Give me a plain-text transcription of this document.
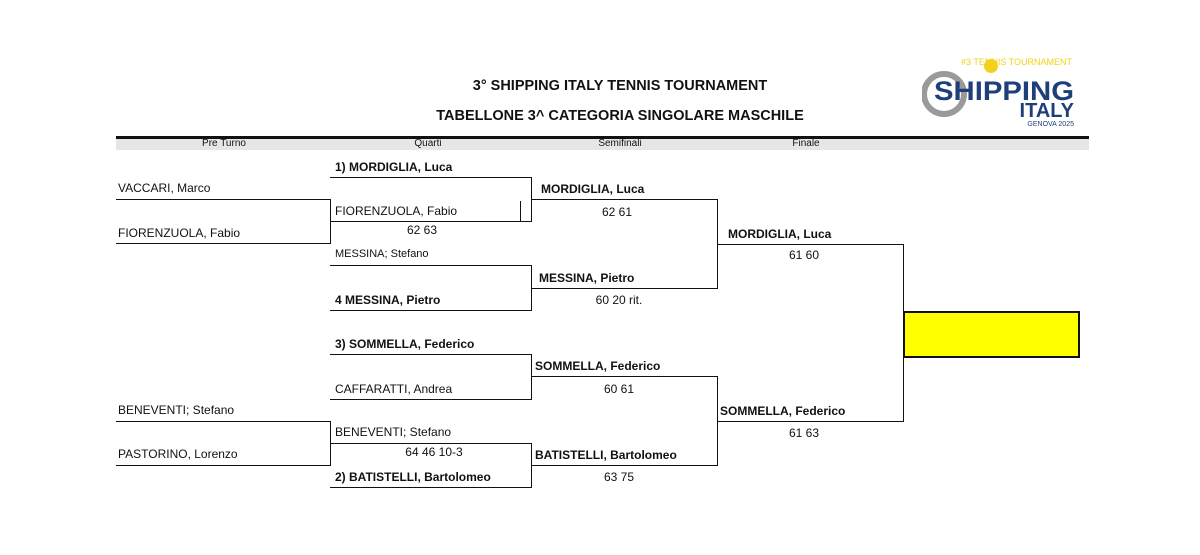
3° SHIPPING ITALY TENNIS TOURNAMENT
TABELLONE 3^ CATEGORIA SINGOLARE MASCHILE
#3 TENNIS TOURNAMENT
SHIPPING
ITALY
GENOVA 2025
Pre Turno	Quarti	Semifinali	Finale
VACCARI, Marco
FIORENZUOLA, Fabio
BENEVENTI; Stefano
PASTORINO, Lorenzo
1) MORDIGLIA, Luca
FIORENZUOLA, Fabio
62 63
MESSINA; Stefano
4 MESSINA, Pietro
3) SOMMELLA, Federico
CAFFARATTI, Andrea
BENEVENTI; Stefano
64 46 10-3
2) BATISTELLI, Bartolomeo
MORDIGLIA, Luca
62 61
MESSINA, Pietro
60 20 rit.
SOMMELLA, Federico
60 61
BATISTELLI, Bartolomeo
63 75
MORDIGLIA, Luca
61 60
SOMMELLA, Federico
61 63
